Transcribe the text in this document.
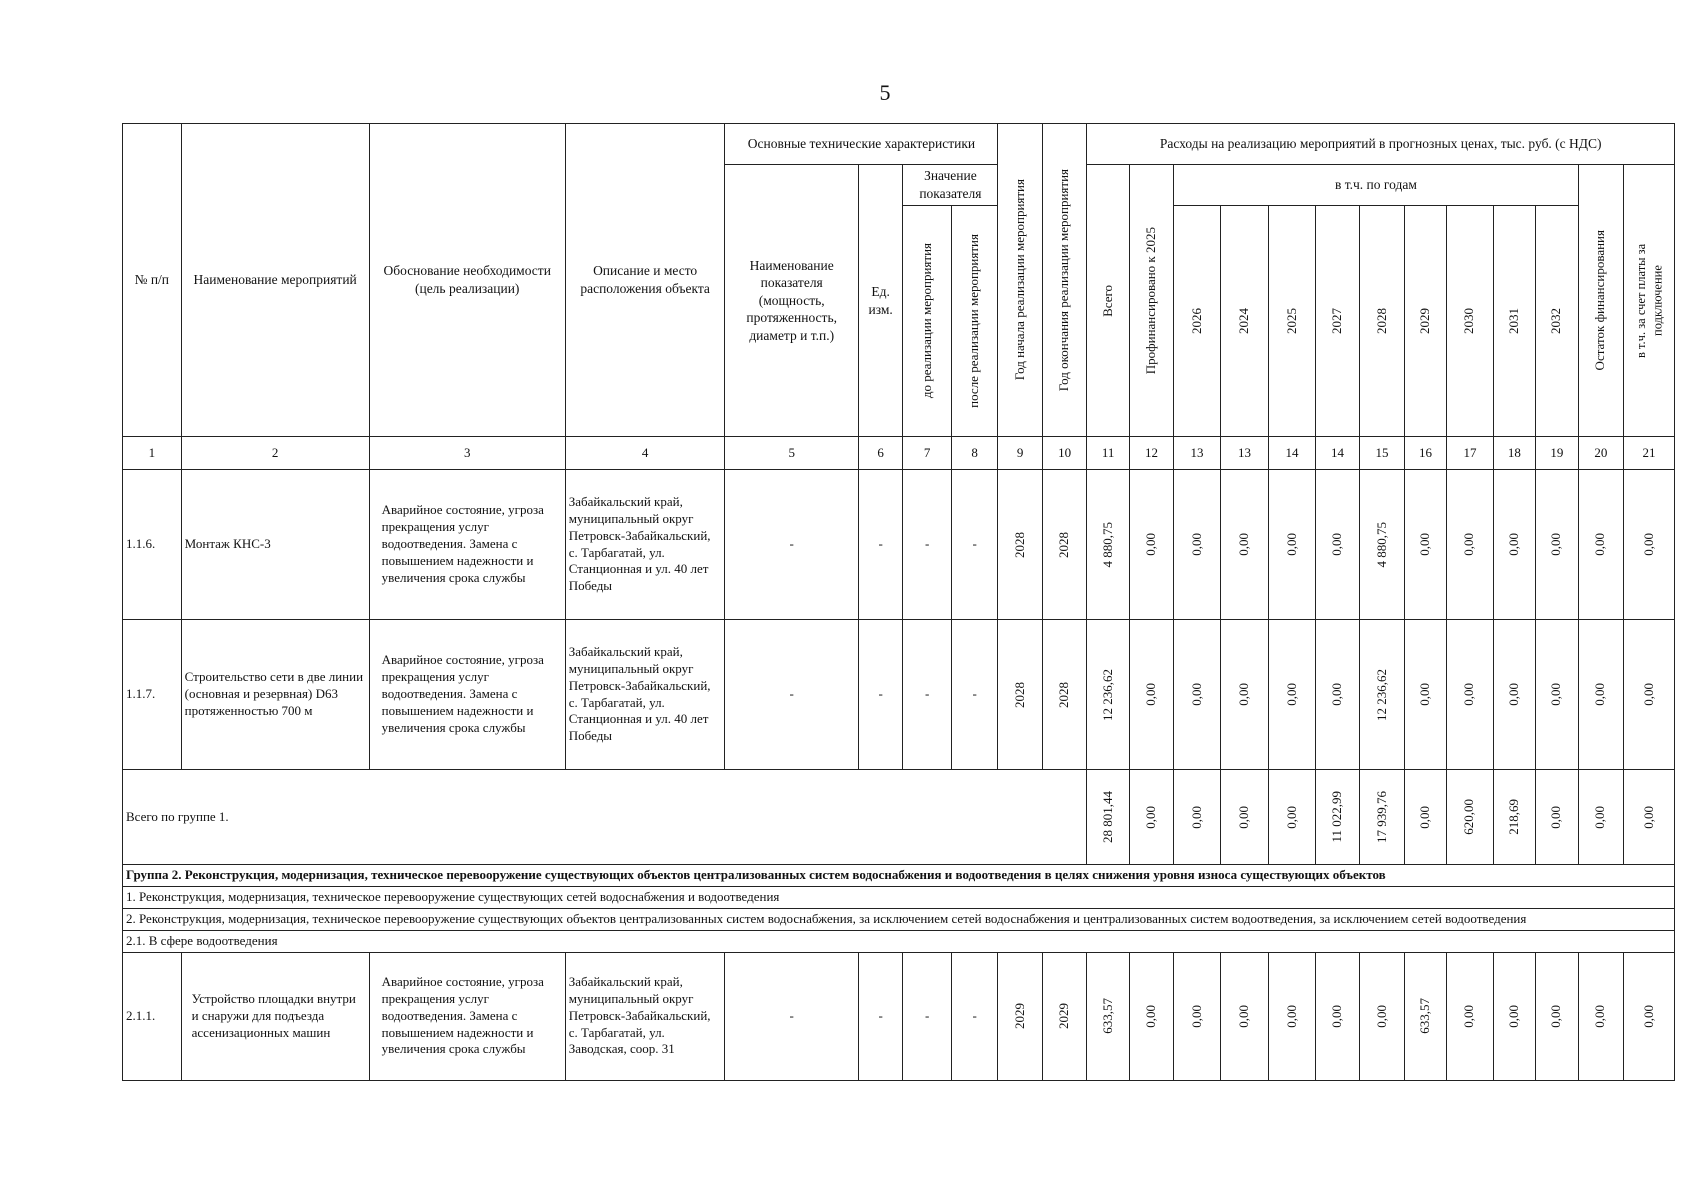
5
№ п/п	Наименование мероприятий	Обоснование необходимости (цель реализации)	Описание и место расположения объекта	Основные технические характеристики				Год начала реализации мероприятия	Год окончания реализации мероприятия	Расходы на реализацию мероприятий в прогнозных ценах, тыс. руб. (с НДС)												
				Наименование показателя (мощность, протяженность, диаметр и т.п.)	Ед. изм.	Значение показателя				Всего	Профинансировано к 2025	в т.ч. по годам									Остаток финансирования	в т.ч. за счет платы за подключение

						до реализации мероприятия	после реализации мероприятия					2026	2024	2025	2027	2028	2029	2030	2031	2032		

1	2	3	4	5	6	7	8	9	10	11	12	13	13	14	14	15	16	17	18	19	20	21
1.1.6.	Монтаж КНС-3	Аварийное состояние, угроза прекращения услуг водоотведения. Замена с повышением надежности и увеличения срока службы	Забайкальский край, муниципальный округ Петровск-Забайкальский, с. Тарбагатай, ул. Станционная и ул. 40 лет Победы	-	-	-	-	2028	2028	4 880,75	0,00	0,00	0,00	0,00	0,00	4 880,75	0,00	0,00	0,00	0,00	0,00	0,00

1.1.7.	Строительство сети в две линии (основная и резервная) D63 протяженностью 700 м	Аварийное состояние, угроза прекращения услуг водоотведения. Замена с повышением надежности и увеличения срока службы	Забайкальский край, муниципальный округ Петровск-Забайкальский, с. Тарбагатай, ул. Станционная и ул. 40 лет Победы	-	-	-	-	2028	2028	12 236,62	0,00	0,00	0,00	0,00	0,00	12 236,62	0,00	0,00	0,00	0,00	0,00	0,00

Всего по группе 1.										28 801,44	0,00	0,00	0,00	0,00	11 022,99	17 939,76	0,00	620,00	218,69	0,00	0,00	0,00

Группа 2. Реконструкция, модернизация, техническое перевооружение существующих объектов централизованных систем водоснабжения и водоотведения в целях снижения уровня износа существующих объектов																						
1. Реконструкция, модернизация, техническое перевооружение существующих сетей водоснабжения и водоотведения																						
2. Реконструкция, модернизация, техническое перевооружение существующих объектов централизованных систем водоснабжения, за исключением сетей водоснабжения и централизованных систем водоотведения, за исключением сетей водоотведения																						
2.1. В сфере водоотведения																						
2.1.1.	Устройство площадки внутри и снаружи для подъезда ассенизационных машин	Аварийное состояние, угроза прекращения услуг водоотведения. Замена с повышением надежности и увеличения срока службы	Забайкальский край, муниципальный округ Петровск-Забайкальский, с. Тарбагатай, ул. Заводская, соор. 31	-	-	-	-	2029	2029	633,57	0,00	0,00	0,00	0,00	0,00	0,00	633,57	0,00	0,00	0,00	0,00	0,00
